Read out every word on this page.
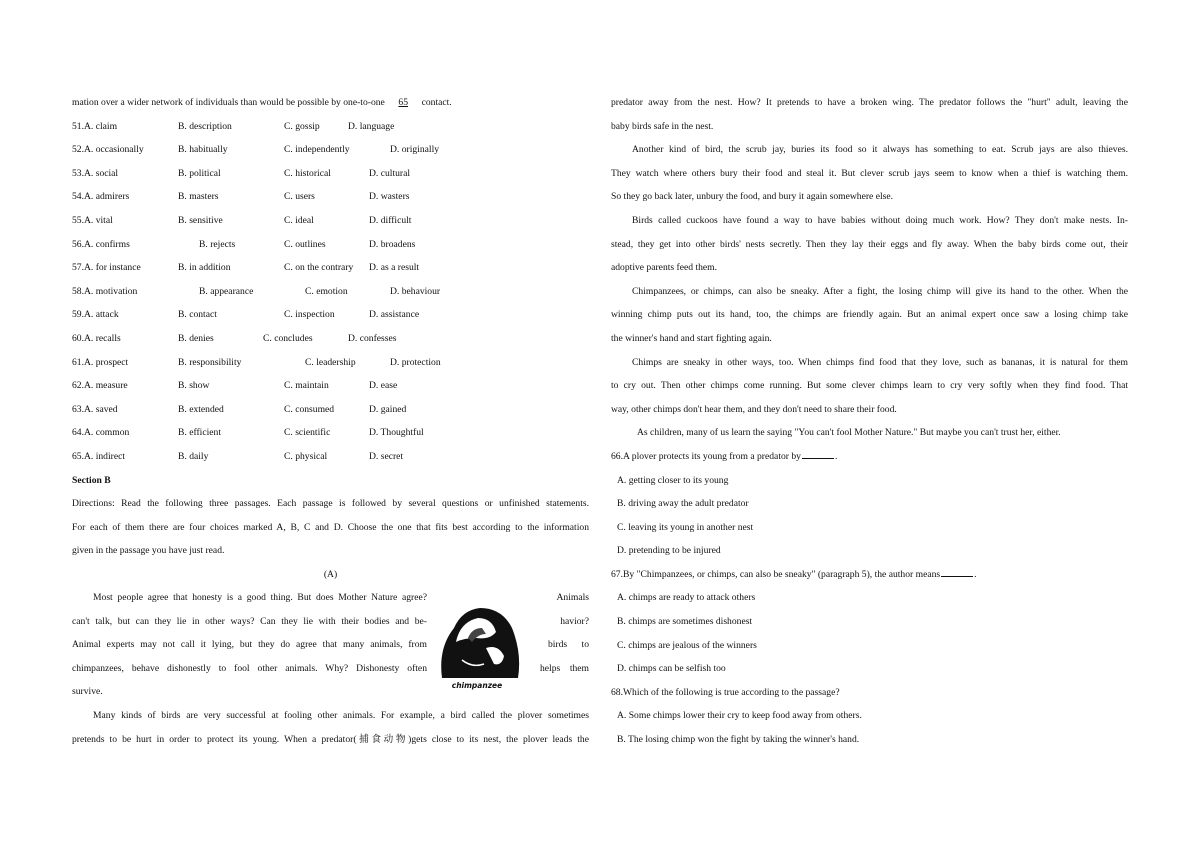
mation over a wider network of individuals than would be possible by one-to-one 65 contact.
51.A. claim	B. description	C. gossip	D. language
52.A. occasionally	B. habitually	C. independently	D. originally
53.A. social	B. political	C. historical	D. cultural
54.A. admirers	B. masters	C. users	D. wasters
55.A. vital	B. sensitive	C. ideal	D. difficult
56.A. confirms	B. rejects	C. outlines	D. broadens
57.A. for instance	B. in addition	C. on the contrary D. as a result
58.A. motivation	B. appearance	C. emotion	D. behaviour
59.A. attack	B. contact	C. inspection	D. assistance
60.A. recalls	B. denies	C. concludes	D. confesses
61.A. prospect	B. responsibility	C. leadership	D. protection
62.A. measure	B. show	C. maintain	D. ease
63.A. saved	B. extended	C. consumed	D. gained
64.A. common	B. efficient	C. scientific	D. Thoughtful
65.A. indirect	B. daily	C. physical	D. secret
Section B
Directions: Read the following three passages. Each passage is followed by several questions or unfinished statements.
For each of them there are four choices marked A, B, C and D. Choose the one that fits best according to the information
given in the passage you have just read.
(A)
Most people agree that honesty is a good thing. But does Mother Nature agree?	Animals
can't talk, but can they lie in other ways? Can they lie with their bodies and be-	havior?
Animal experts may not call it lying, but they do agree that many animals, from	birds      to
chimpanzees, behave dishonestly to fool other animals. Why? Dishonesty often	helps    them
survive.
chimpanzee
Many kinds of birds are very successful at fooling other animals. For example, a bird called the plover sometimes
pretends to be hurt in order to protect its young. When a predator(捕食动物)gets close to its nest, the plover leads the
predator away from the nest. How? It pretends to have a broken wing. The predator follows the "hurt" adult, leaving the
baby birds safe in the nest.
Another kind of bird, the scrub jay, buries its food so it always has something to eat. Scrub jays are also thieves.
They watch where others bury their food and steal it. But clever scrub jays seem to know when a thief is watching them.
So they go back later, unbury the food, and bury it again somewhere else.
Birds called cuckoos have found a way to have babies without doing much work. How? They don't make nests. In-
stead, they get into other birds' nests secretly. Then they lay their eggs and fly away. When the baby birds come out, their
adoptive parents feed them.
Chimpanzees, or chimps, can also be sneaky. After a fight, the losing chimp will give its hand to the other. When the
winning chimp puts out its hand, too, the chimps are friendly again. But an animal expert once saw a losing chimp take
the winner's hand and start fighting again.
Chimps are sneaky in other ways, too. When chimps find food that they love, such as bananas, it is natural for them
to cry out. Then other chimps come running. But some clever chimps learn to cry very softly when they find food. That
way, other chimps don't hear them, and they don't need to share their food.
As children, many of us learn the saying "You can't fool Mother Nature." But maybe you can't trust her, either.
66.A plover protects its young from a predator by	.
A. getting closer to its young
B. driving away the adult predator
C. leaving its young in another nest
D. pretending to be injured
67.By "Chimpanzees, or chimps, can also be sneaky" (paragraph 5), the author means	.
A. chimps are ready to attack others
B. chimps are sometimes dishonest
C. chimps are jealous of the winners
D. chimps can be selfish too
68.Which of the following is true according to the passage?
A. Some chimps lower their cry to keep food away from others.
B. The losing chimp won the fight by taking the winner's hand.
